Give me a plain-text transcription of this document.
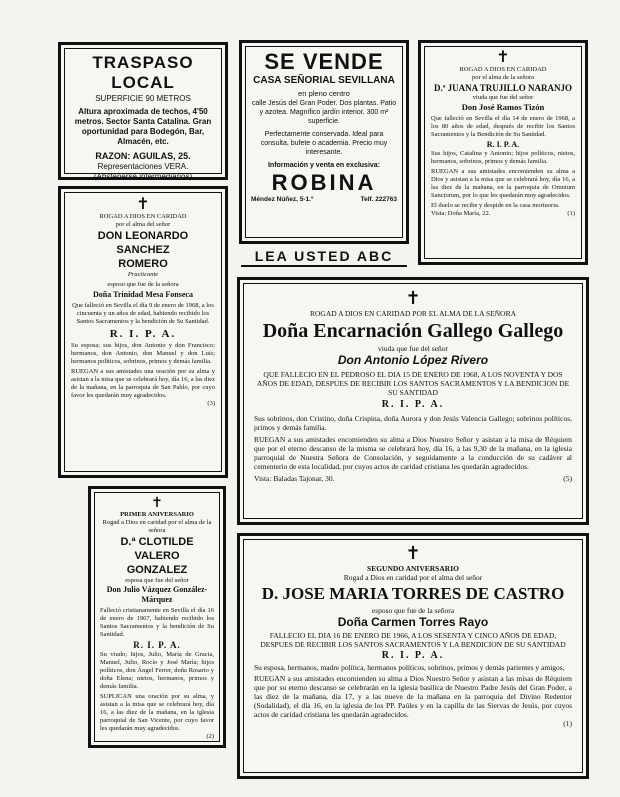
TRASPASO LOCAL
SUPERFICIE 90 METROS
Altura aproximada de techos, 4'50 metros. Sector Santa Catalina. Gran oportunidad para Bodegón, Bar, Almacén, etc.
RAZON: AGUILAS, 25.
Representaciones VERA.
(Abstenerse intermediarios)
SE VENDE
CASA SEÑORIAL SEVILLANA
en pleno centro
calle Jesús del Gran Poder. Dos plantas. Patio y azotea. Magnífico jardín interior. 300 m² superficie.
Perfectamente conservada. Ideal para consulta, bufete o academia. Precio muy interesante.
Información y venta en exclusiva:
ROBINA
Méndez Núñez, 5-1.º	Telf. 222763
LEA USTED ABC
✝
ROGAD A DIOS EN CARIDAD
por el alma de la señora
D.ª JUANA TRUJILLO NARANJO
viuda que fue del señor
Don José Ramos Tizón
Que falleció en Sevilla el día 14 de enero de 1968, a los 80 años de edad, después de recibir los Santos Sacramentos y la Bendición de Su Santidad.
R. I. P. A.
Sus hijos, Catalina y Antonio; hijos políticos, nietos, hermanos, sobrinos, primos y demás familia.
RUEGAN a sus amistades encomienden su alma a Dios y asistan a la misa que se celebrará hoy, día 16, a las diez de la mañana, en la parroquia de Omnium Sanctorum, por lo que les quedarán muy agradecidos.
El duelo se recibe y despide en la casa mortuoria.
Vista: Doña María, 22.	(1)
✝
ROGAD A DIOS EN CARIDAD
por el alma del señor
DON LEONARDO SANCHEZ
ROMERO
Practicante
esposo que fue de la señora
Doña Trinidad Mesa Fonseca
Que falleció en Sevilla el día 9 de enero de 1968, a los cincuenta y un años de edad, habiendo recibido los Santos Sacramentos y la bendición de Su Santidad.
R. I. P. A.
Su esposa; sus hijos, don Antonio y don Francisco; hermanos, don Antonio, don Manuel y don Luis; hermanos políticos, sobrinos, primos y demás familia.
RUEGAN a sus amistades una oración por su alma y asistan a la misa que se celebrará hoy, día 16, a las diez de la mañana, en la parroquia de San Pablo, por cuyo favor les quedarán muy agradecidos.
(3)
✝
ROGAD A DIOS EN CARIDAD POR EL ALMA DE LA SEÑORA
Doña Encarnación Gallego Gallego
viuda que fue del señor
Don Antonio López Rivero
QUE FALLECIO EN EL PEDROSO EL DIA 15 DE ENERO DE 1968, A LOS NOVENTA Y DOS AÑOS DE EDAD, DESPUES DE RECIBIR LOS SANTOS SACRAMENTOS Y LA BENDICION DE SU SANTIDAD
R. I. P. A.
Sus sobrinos, don Cristino, doña Crispina, doña Aurora y don Jesús Valencia Gallego; sobrinos políticos, primos y demás familia.
RUEGAN a sus amistades encomienden su alma a Dios Nuestro Señor y asistan a la misa de Réquiem que por el eterno descanso de la misma se celebrará hoy, día 16, a las 9,30 de la mañana, en la iglesia parroquial de Nuestra Señora de Consolación, y seguidamente a la conducción de su cadáver al cementerio de esta localidad, por cuyos actos de caridad cristiana les quedarán agradecidos.
Vista: Baladas Tajonar, 30.	(5)
✝
PRIMER ANIVERSARIO
Rogad a Dios en caridad por el alma de la señora
D.ª CLOTILDE VALERO
GONZALEZ
esposa que fue del señor
Don Julio Vázquez González-
Márquez
Falleció cristianamente en Sevilla el día 16 de enero de 1967, habiendo recibido los Santos Sacramentos y la bendición de Su Santidad.
R. I. P. A.
Su viudo; hijos, Julio, María de Gracia, Manuel, Julio, Rocío y José María; hijos políticos, don Ángel Ferrer, doña Rosario y doña Elena; nietos, hermanos, primos y demás familia.
SUPLICAN una oración por su alma, y asistan a la misa que se celebrará hoy, día 16, a las diez de la mañana, en la iglesia parroquial de San Vicente, por cuyo favor les quedarán muy agradecidos.
(2)
✝
SEGUNDO ANIVERSARIO
Rogad a Dios en caridad por el alma del señor
D. JOSE MARIA TORRES DE CASTRO
esposo que fue de la señora
Doña Carmen Torres Rayo
FALLECIO EL DIA 16 DE ENERO DE 1966, A LOS SESENTA Y CINCO AÑOS DE EDAD, DESPUES DE RECIBIR LOS SANTOS SACRAMENTOS Y LA BENDICION DE SU SANTIDAD
R. I. P. A.
Su esposa, hermanos, madre política, hermanos políticos, sobrinos, primos y demás parientes y amigos,
RUEGAN a sus amistades encomienden su alma a Dios Nuestro Señor y asistan a las misas de Réquiem que por su eterno descanso se celebrarán en la iglesia basílica de Nuestro Padre Jesús del Gran Poder, a las diez de la mañana, día 17, y a las nueve de la mañana en la parroquia del Divino Redentor (Sodalidad), el día 16, en la iglesia de los PP. Paúles y en la capilla de las Siervas de Jesús, por cuyos actos de caridad cristiana les quedarán agradecidos.
(1)
